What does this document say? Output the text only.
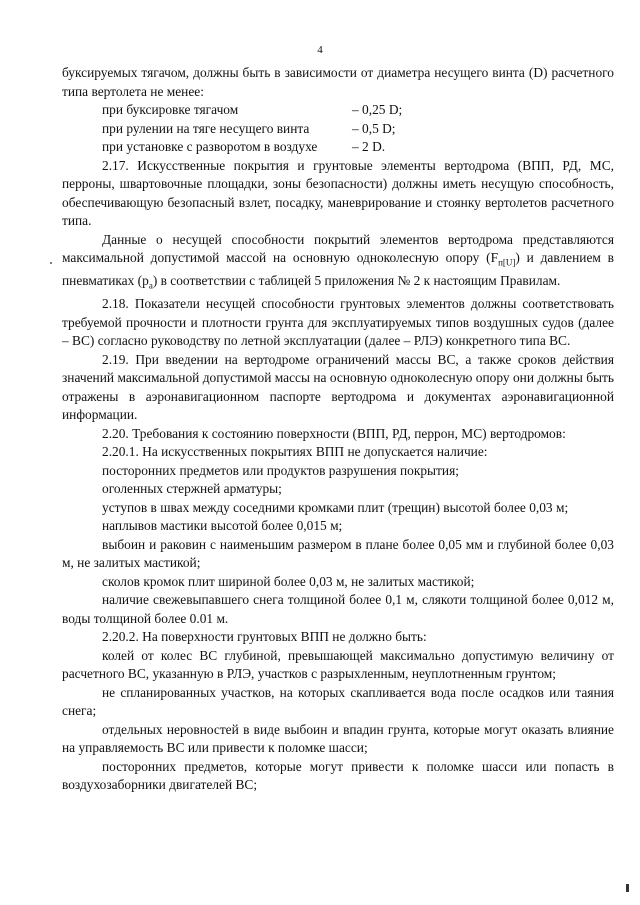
4

буксируемых тягачом, должны быть в зависимости от диаметра несущего винта (D) расчетного типа вертолета не менее:

при буксировке тягачом	– 0,25 D;
при рулении на тяге несущего винта	– 0,5 D;
при установке с разворотом в воздухе	– 2 D.

2.17. Искусственные покрытия и грунтовые элементы вертодрома (ВПП, РД, МС, перроны, швартовочные площадки, зоны безопасности) должны иметь несущую способность, обеспечивающую безопасный взлет, посадку, маневрирование и стоянку вертолетов расчетного типа.

Данные о несущей способности покрытий элементов вертодрома представляются максимальной допустимой массой на основную одноколесную опору $(F_{п[U]})$ и давлением в пневматиках $(р_а)$ в соответствии с таблицей 5 приложения № 2 к настоящим Правилам.

2.18. Показатели несущей способности грунтовых элементов должны соответствовать требуемой прочности и плотности грунта для эксплуатируемых типов воздушных судов (далее – ВС) согласно руководству по летной эксплуатации (далее – РЛЭ) конкретного типа ВС.

2.19. При введении на вертодроме ограничений массы ВС, а также сроков действия значений максимальной допустимой массы на основную одноколесную опору они должны быть отражены в аэронавигационном паспорте вертодрома и документах аэронавигационной информации.

2.20. Требования к состоянию поверхности (ВПП, РД, перрон, МС) вертодромов:

2.20.1. На искусственных покрытиях ВПП не допускается наличие:

посторонних предметов или продуктов разрушения покрытия;

оголенных стержней арматуры;

уступов в швах между соседними кромками плит (трещин) высотой более 0,03 м;

наплывов мастики высотой более 0,015 м;

выбоин и раковин с наименьшим размером в плане более 0,05 мм и глубиной более 0,03 м, не залитых мастикой;

сколов кромок плит шириной более 0,03 м, не залитых мастикой;

наличие свежевыпавшего снега толщиной более 0,1 м, слякоти толщиной более 0,012 м, воды толщиной более 0.01 м.

2.20.2. На поверхности грунтовых ВПП не должно быть:

колей от колес ВС глубиной, превышающей максимально допустимую величину от расчетного ВС, указанную в РЛЭ, участков с разрыхленным, неуплотненным грунтом;

не спланированных участков, на которых скапливается вода после осадков или таяния снега;

отдельных неровностей в виде выбоин и впадин грунта, которые могут оказать влияние на управляемость ВС или привести к поломке шасси;

посторонних предметов, которые могут привести к поломке шасси или попасть в воздухозаборники двигателей ВС;
